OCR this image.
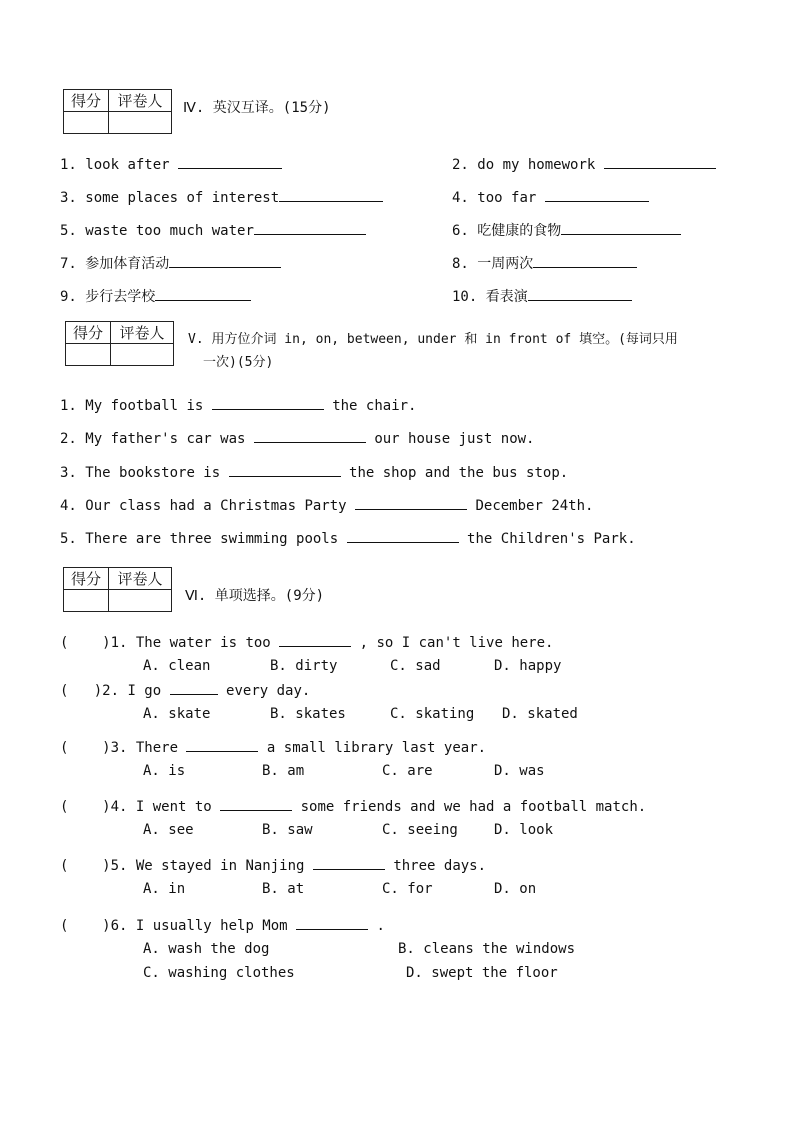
得分	评卷人
	Ⅳ. 英汉互译。(15分)
1. look after	2. do my homework
3. some places of interest	4. too far
5. waste too much water	6. 吃健康的食物
7. 参加体育活动	8. 一周两次
9. 步行去学校	10. 看表演
得分	评卷人
	V. 用方位介词 in, on, between, under 和 in front of 填空。(每词只用
一次)(5分)
1. My football is	the chair.
2. My father's car was	our house just now.
3. The bookstore is	the shop and the bus stop.
4. Our class had a Christmas Party	December 24th.
5. There are three swimming pools	the Children's Park.
得分	评卷人

Ⅵ. 单项选择。(9分)
(    )1. The water is too	, so I can't live here.
A. clean	B. dirty	C. sad	D. happy
(   )2. I go	every day.
A. skate	B. skates	C. skating D. skated
(    )3. There	a small library last year.
A. is	B. am	C. are	D. was
(    )4. I went to	some friends and we had a football match.
A. see	B. saw	C. seeing	D. look
(    )5. We stayed in Nanjing	three days.
A. in	B. at	C. for	D. on
(    )6. I usually help Mom	.
A. wash the dog	B. cleans the windows
C. washing clothes	D. swept the floor
